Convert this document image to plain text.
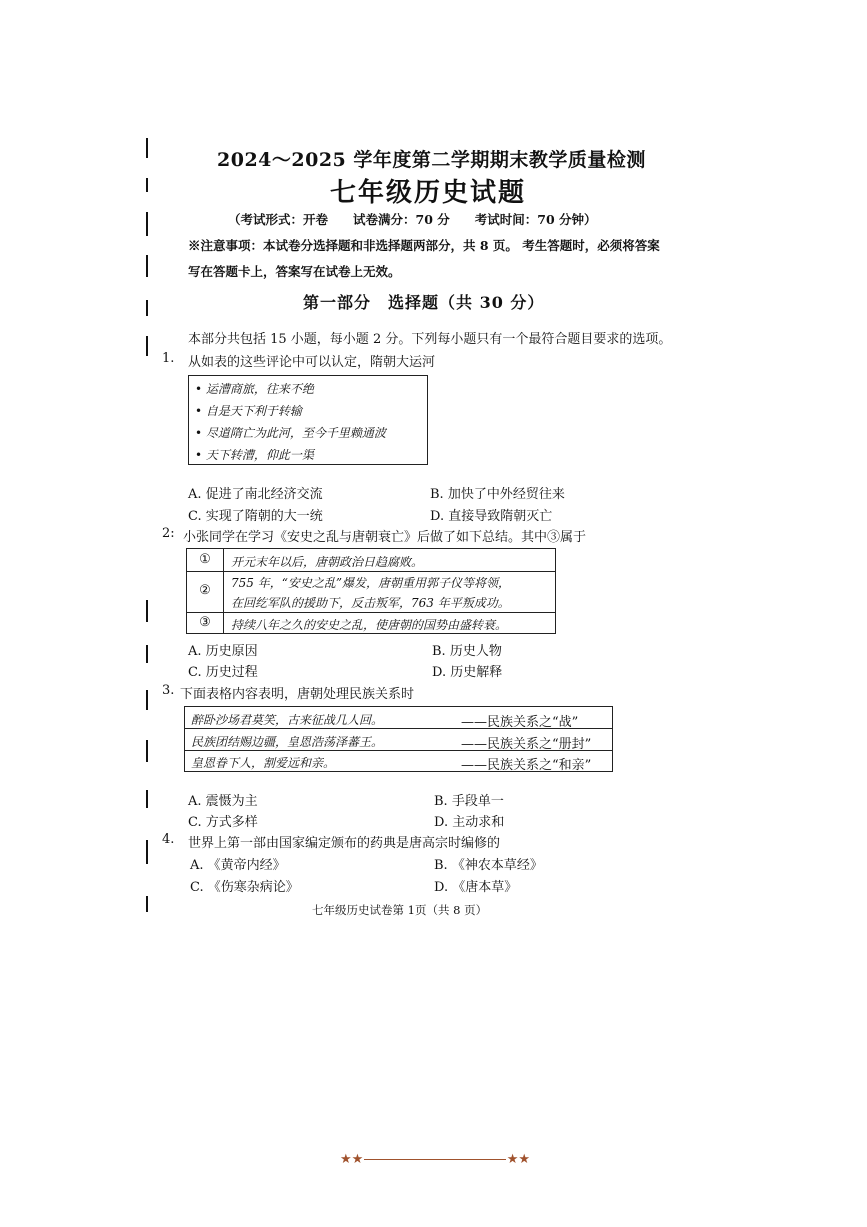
2024～2025 学年度第二学期期末教学质量检测
七年级历史试题
（考试形式：开卷　　试卷满分：70 分　　考试时间：70 分钟）
※注意事项：本试卷分选择题和非选择题两部分，共 8 页。 考生答题时，必须将答案
写在答题卡上，答案写在试卷上无效。
第一部分　选择题（共 30 分）
本部分共包括 15 小题，每小题 2 分。下列每小题只有一个最符合题目要求的选项。
1. 从如表的这些评论中可以认定，隋朝大运河
• 运漕商旅，往来不绝
• 自是天下利于转输
• 尽道隋亡为此河，至今千里赖通波
• 天下转漕，仰此一渠
A. 促进了南北经济交流	B. 加快了中外经贸往来
C. 实现了隋朝的大一统	D. 直接导致隋朝灭亡
2: 小张同学在学习《安史之乱与唐朝衰亡》后做了如下总结。其中③属于
①	开元末年以后，唐朝政治日趋腐败。
②	755 年，“安史之乱”爆发，唐朝重用郭子仪等将领，
在回纥军队的援助下，反击叛军，763 年平叛成功。
③	持续八年之久的安史之乱，使唐朝的国势由盛转衰。
A. 历史原因	B. 历史人物
C. 历史过程	D. 历史解释
3. 下面表格内容表明，唐朝处理民族关系时
醉卧沙场君莫笑，古来征战几人回。	——民族关系之“战”
民族团结赐边疆，皇恩浩荡泽蕃王。	——民族关系之“册封”
皇恩眷下人，割爱远和亲。	——民族关系之“和亲”
A. 震慑为主	B. 手段单一
C. 方式多样	D. 主动求和
4. 世界上第一部由国家编定颁布的药典是唐高宗时编修的
A. 《黄帝内经》	B. 《神农本草经》
C. 《伤寒杂病论》	D. 《唐本草》
七年级历史试卷第 1页（共 8 页）
★★	★★
